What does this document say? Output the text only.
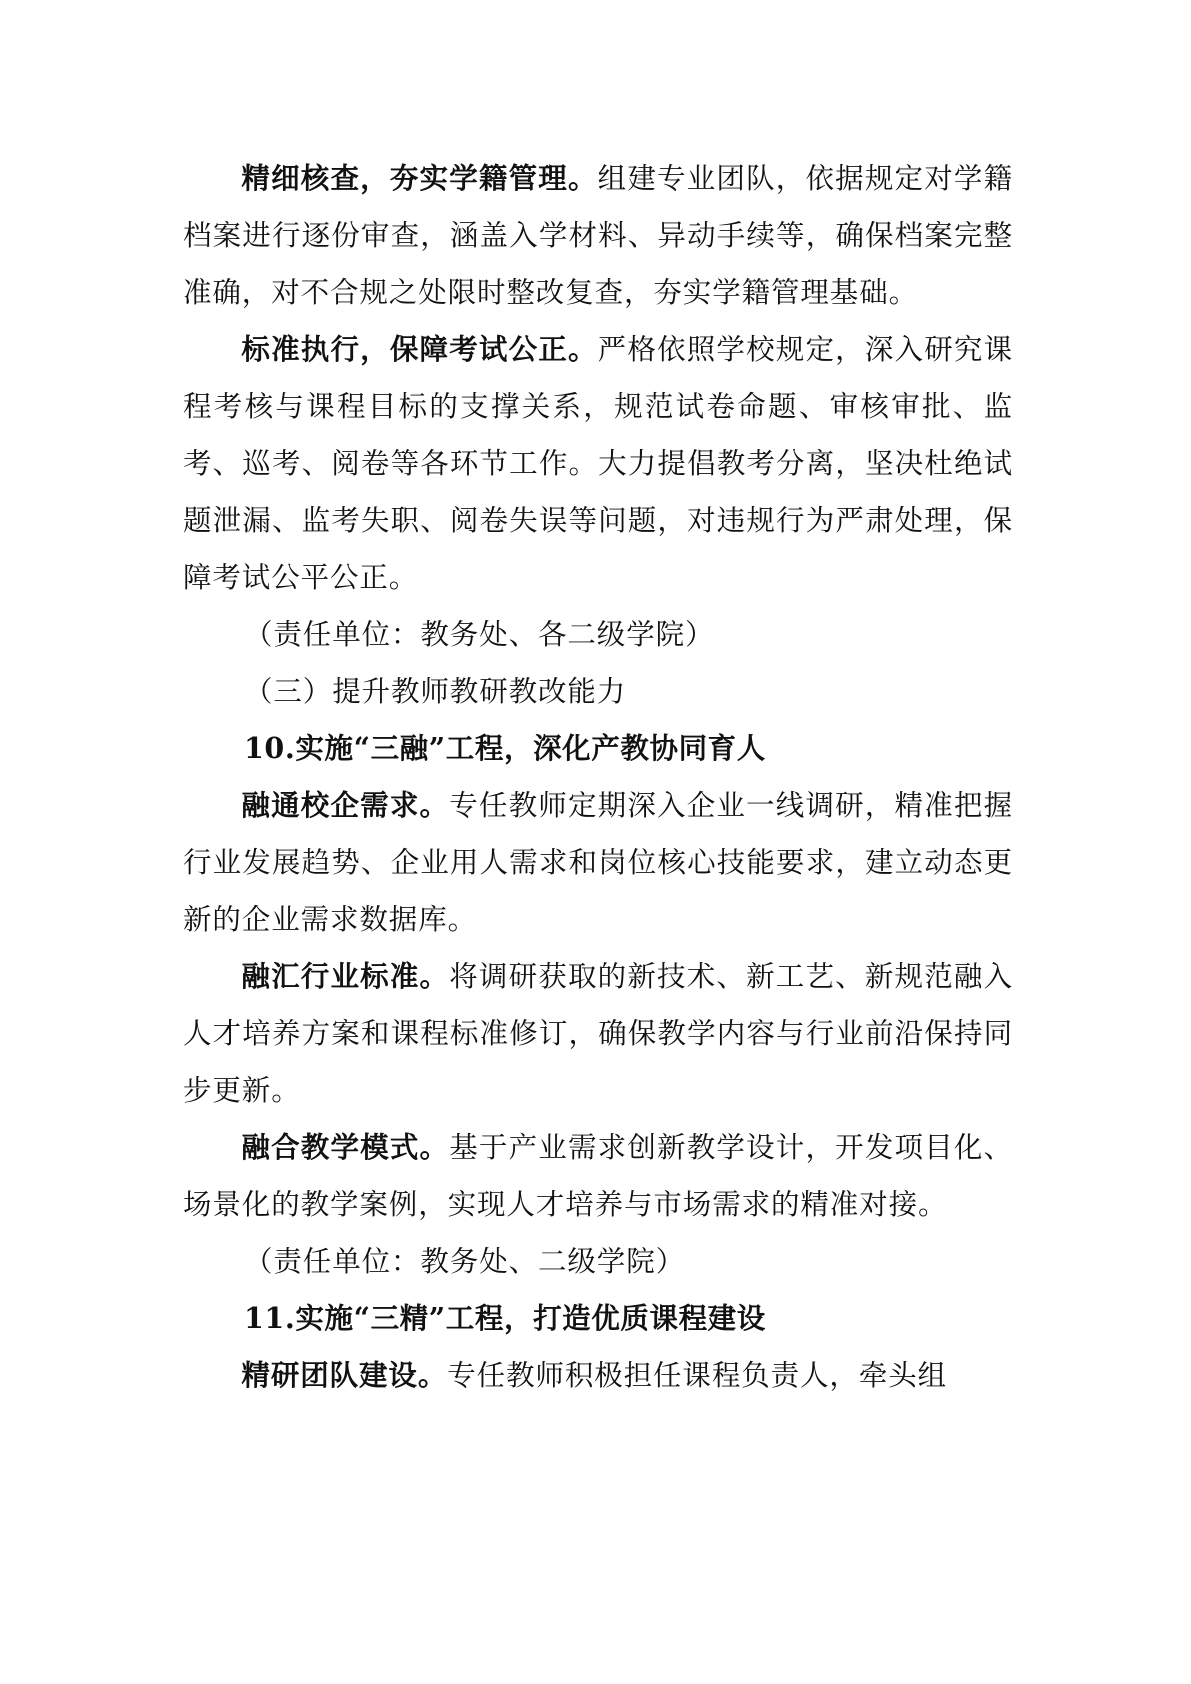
精细核查，夯实学籍管理。组建专业团队，依据规定对学籍档案进行逐份审查，涵盖入学材料、异动手续等，确保档案完整准确，对不合规之处限时整改复查，夯实学籍管理基础。

标准执行，保障考试公正。严格依照学校规定，深入研究课程考核与课程目标的支撑关系，规范试卷命题、审核审批、监考、巡考、阅卷等各环节工作。大力提倡教考分离，坚决杜绝试题泄漏、监考失职、阅卷失误等问题，对违规行为严肃处理，保障考试公平公正。

（责任单位：教务处、各二级学院）

（三）提升教师教研教改能力

10.实施“三融”工程，深化产教协同育人

融通校企需求。专任教师定期深入企业一线调研，精准把握行业发展趋势、企业用人需求和岗位核心技能要求，建立动态更新的企业需求数据库。

融汇行业标准。将调研获取的新技术、新工艺、新规范融入人才培养方案和课程标准修订，确保教学内容与行业前沿保持同步更新。

融合教学模式。基于产业需求创新教学设计，开发项目化、场景化的教学案例，实现人才培养与市场需求的精准对接。

（责任单位：教务处、二级学院）

11.实施“三精”工程，打造优质课程建设

精研团队建设。专任教师积极担任课程负责人，牵头组
